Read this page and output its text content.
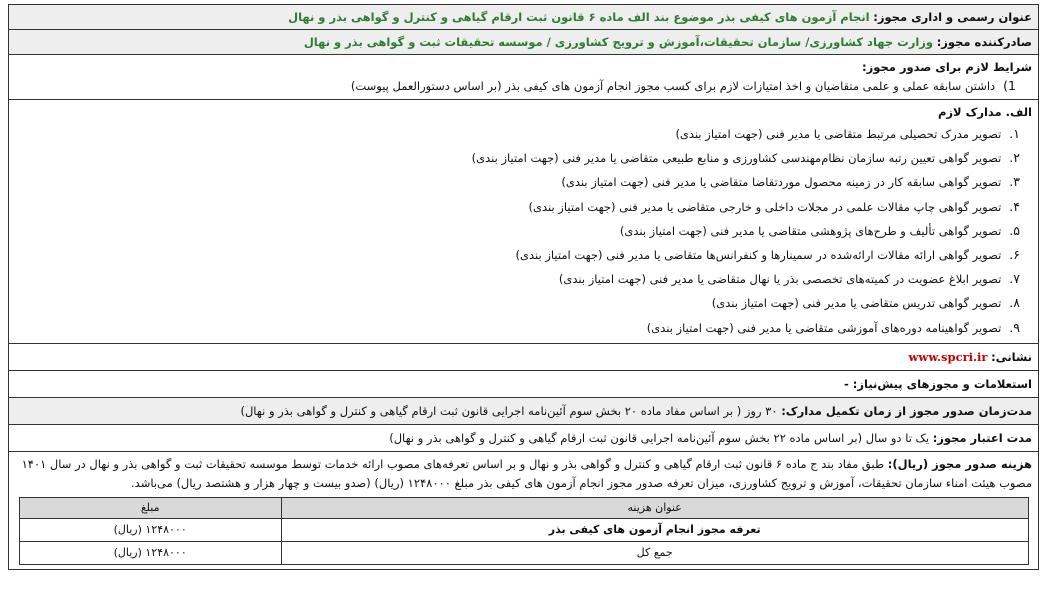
عنوان رسمی و اداری مجوز: انجام آزمون های کیفی بذر موضوع بند الف ماده ۶ قانون ثبت ارقام گیاهی و کنترل و گواهی بذر و نهال
صادرکننده مجوز: وزارت جهاد کشاورزی/ سازمان تحقیقات،آموزش و ترویج کشاورزی / موسسه تحقیقات ثبت و گواهی بذر و نهال
شرایط لازم برای صدور مجوز:
1)
داشتن سابقه عملی و علمی متقاضیان و اخذ امتیازات لازم برای کسب مجوز انجام آزمون های کیفی بذر (بر اساس دستورالعمل پیوست)
الف. مدارک لازم
۱.
تصویر مدرک تحصیلی مرتبط متقاضی یا مدیر فنی (جهت امتیاز بندی)
۲.
تصویر گواهی تعیین رتبه سازمان نظام‌مهندسی کشاورزی و منابع طبیعی متقاضی یا مدیر فنی (جهت امتیاز بندی)
۳.
تصویر گواهی سابقه کار در زمینه محصول موردتقاضا متقاضی یا مدیر فنی (جهت امتیاز بندی)
۴.
تصویر گواهی چاپ مقالات علمی در مجلات داخلی و خارجی متقاضی یا مدیر فنی (جهت امتیاز بندی)
۵.
تصویر گواهی تألیف و طرح‌های پژوهشی متقاضی یا مدیر فنی (جهت امتیاز بندی)
۶.
تصویر گواهی ارائه مقالات ارائه‌شده در سمینارها و کنفرانس‌ها متقاضی یا مدیر فنی (جهت امتیاز بندی)
۷.
تصویر ابلاغ عضویت در کمیته‌های تخصصی بذر یا نهال متقاضی یا مدیر فنی (جهت امتیاز بندی)
۸.
تصویر گواهی تدریس متقاضی یا مدیر فنی (جهت امتیاز بندی)
۹.
تصویر گواهینامه دوره‌های آموزشی متقاضی یا مدیر فنی (جهت امتیاز بندی)
نشانی: www.spcri.ir
استعلامات و مجوزهای پیش‌نیاز: -
مدت‌زمان صدور مجوز از زمان تکمیل مدارک: ۳۰ روز ( بر اساس مفاد ماده ۲۰ بخش سوم آئین‌نامه اجرایی قانون ثبت ارقام گیاهی و کنترل و گواهی بذر و نهال)
مدت اعتبار مجوز: یک تا دو سال (بر اساس ماده ۲۲ بخش سوم آئین‌نامه اجرایی قانون ثبت ارقام گیاهی و کنترل و گواهی بذر و نهال)
هزینه صدور مجوز (ریال): طبق مفاد بند ج ماده ۶ قانون ثبت ارقام گیاهی و کنترل و گواهی بذر و نهال و بر اساس تعرفه‌های مصوب ارائه خدمات توسط موسسه تحقیقات ثبت و گواهی بذر و نهال در سال ۱۴۰۱ مصوب هیئت امناء سازمان تحقیقات، آموزش و ترویج کشاورزی، میزان تعرفه صدور مجوز انجام آزمون های کیفی بذر مبلغ ۱۲۴۸۰۰۰ (ریال) (صدو بیست و چهار هزار و هشتصد ریال) می‌باشد.
عنوان هزینه	مبلغ
تعرفه مجوز انجام آزمون های کیفی بذر	۱۲۴۸۰۰۰ (ریال)
جمع کل	۱۲۴۸۰۰۰ (ریال)
